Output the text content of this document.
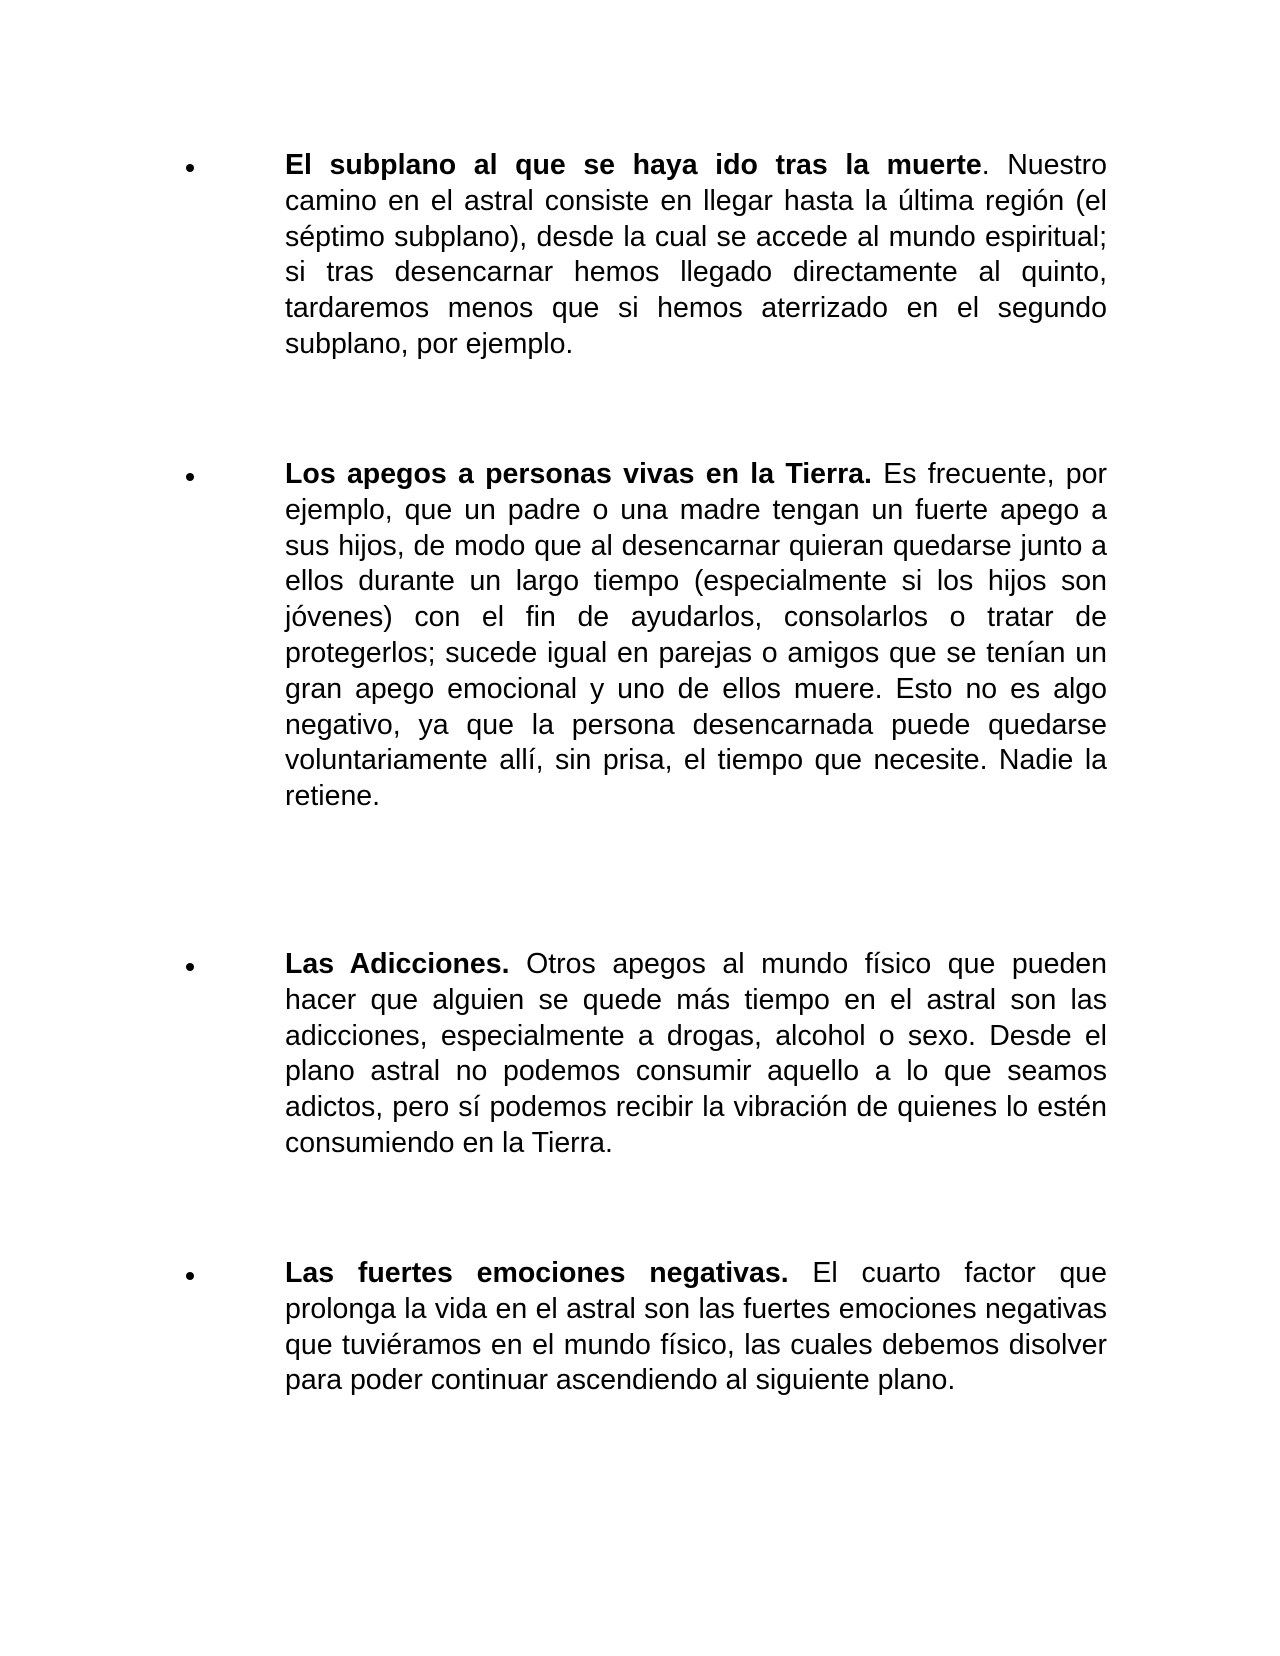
El subplano al que se haya ido tras la muerte. Nuestro camino en el astral consiste en llegar hasta la última región (el séptimo subplano), desde la cual se accede al mundo espiritual; si tras desencarnar hemos llegado directamente al quinto, tardaremos menos que si hemos aterrizado en el segundo subplano, por ejemplo.

Los apegos a personas vivas en la Tierra. Es frecuente, por ejemplo, que un padre o una madre tengan un fuerte apego a sus hijos, de modo que al desencarnar quieran quedarse junto a ellos durante un largo tiempo (especialmente si los hijos son jóvenes) con el fin de ayudarlos, consolarlos o tratar de protegerlos; sucede igual en parejas o amigos que se tenían un gran apego emocional y uno de ellos muere. Esto no es algo negativo, ya que la persona desencarnada puede quedarse voluntariamente allí, sin prisa, el tiempo que necesite. Nadie la retiene.

Las Adicciones. Otros apegos al mundo físico que pueden hacer que alguien se quede más tiempo en el astral son las adicciones, especialmente a drogas, alcohol o sexo. Desde el plano astral no podemos consumir aquello a lo que seamos adictos, pero sí podemos recibir la vibración de quienes lo estén consumiendo en la Tierra.

Las fuertes emociones negativas. El cuarto factor que prolonga la vida en el astral son las fuertes emociones negativas que tuviéramos en el mundo físico, las cuales debemos disolver para poder continuar ascendiendo al siguiente plano.
